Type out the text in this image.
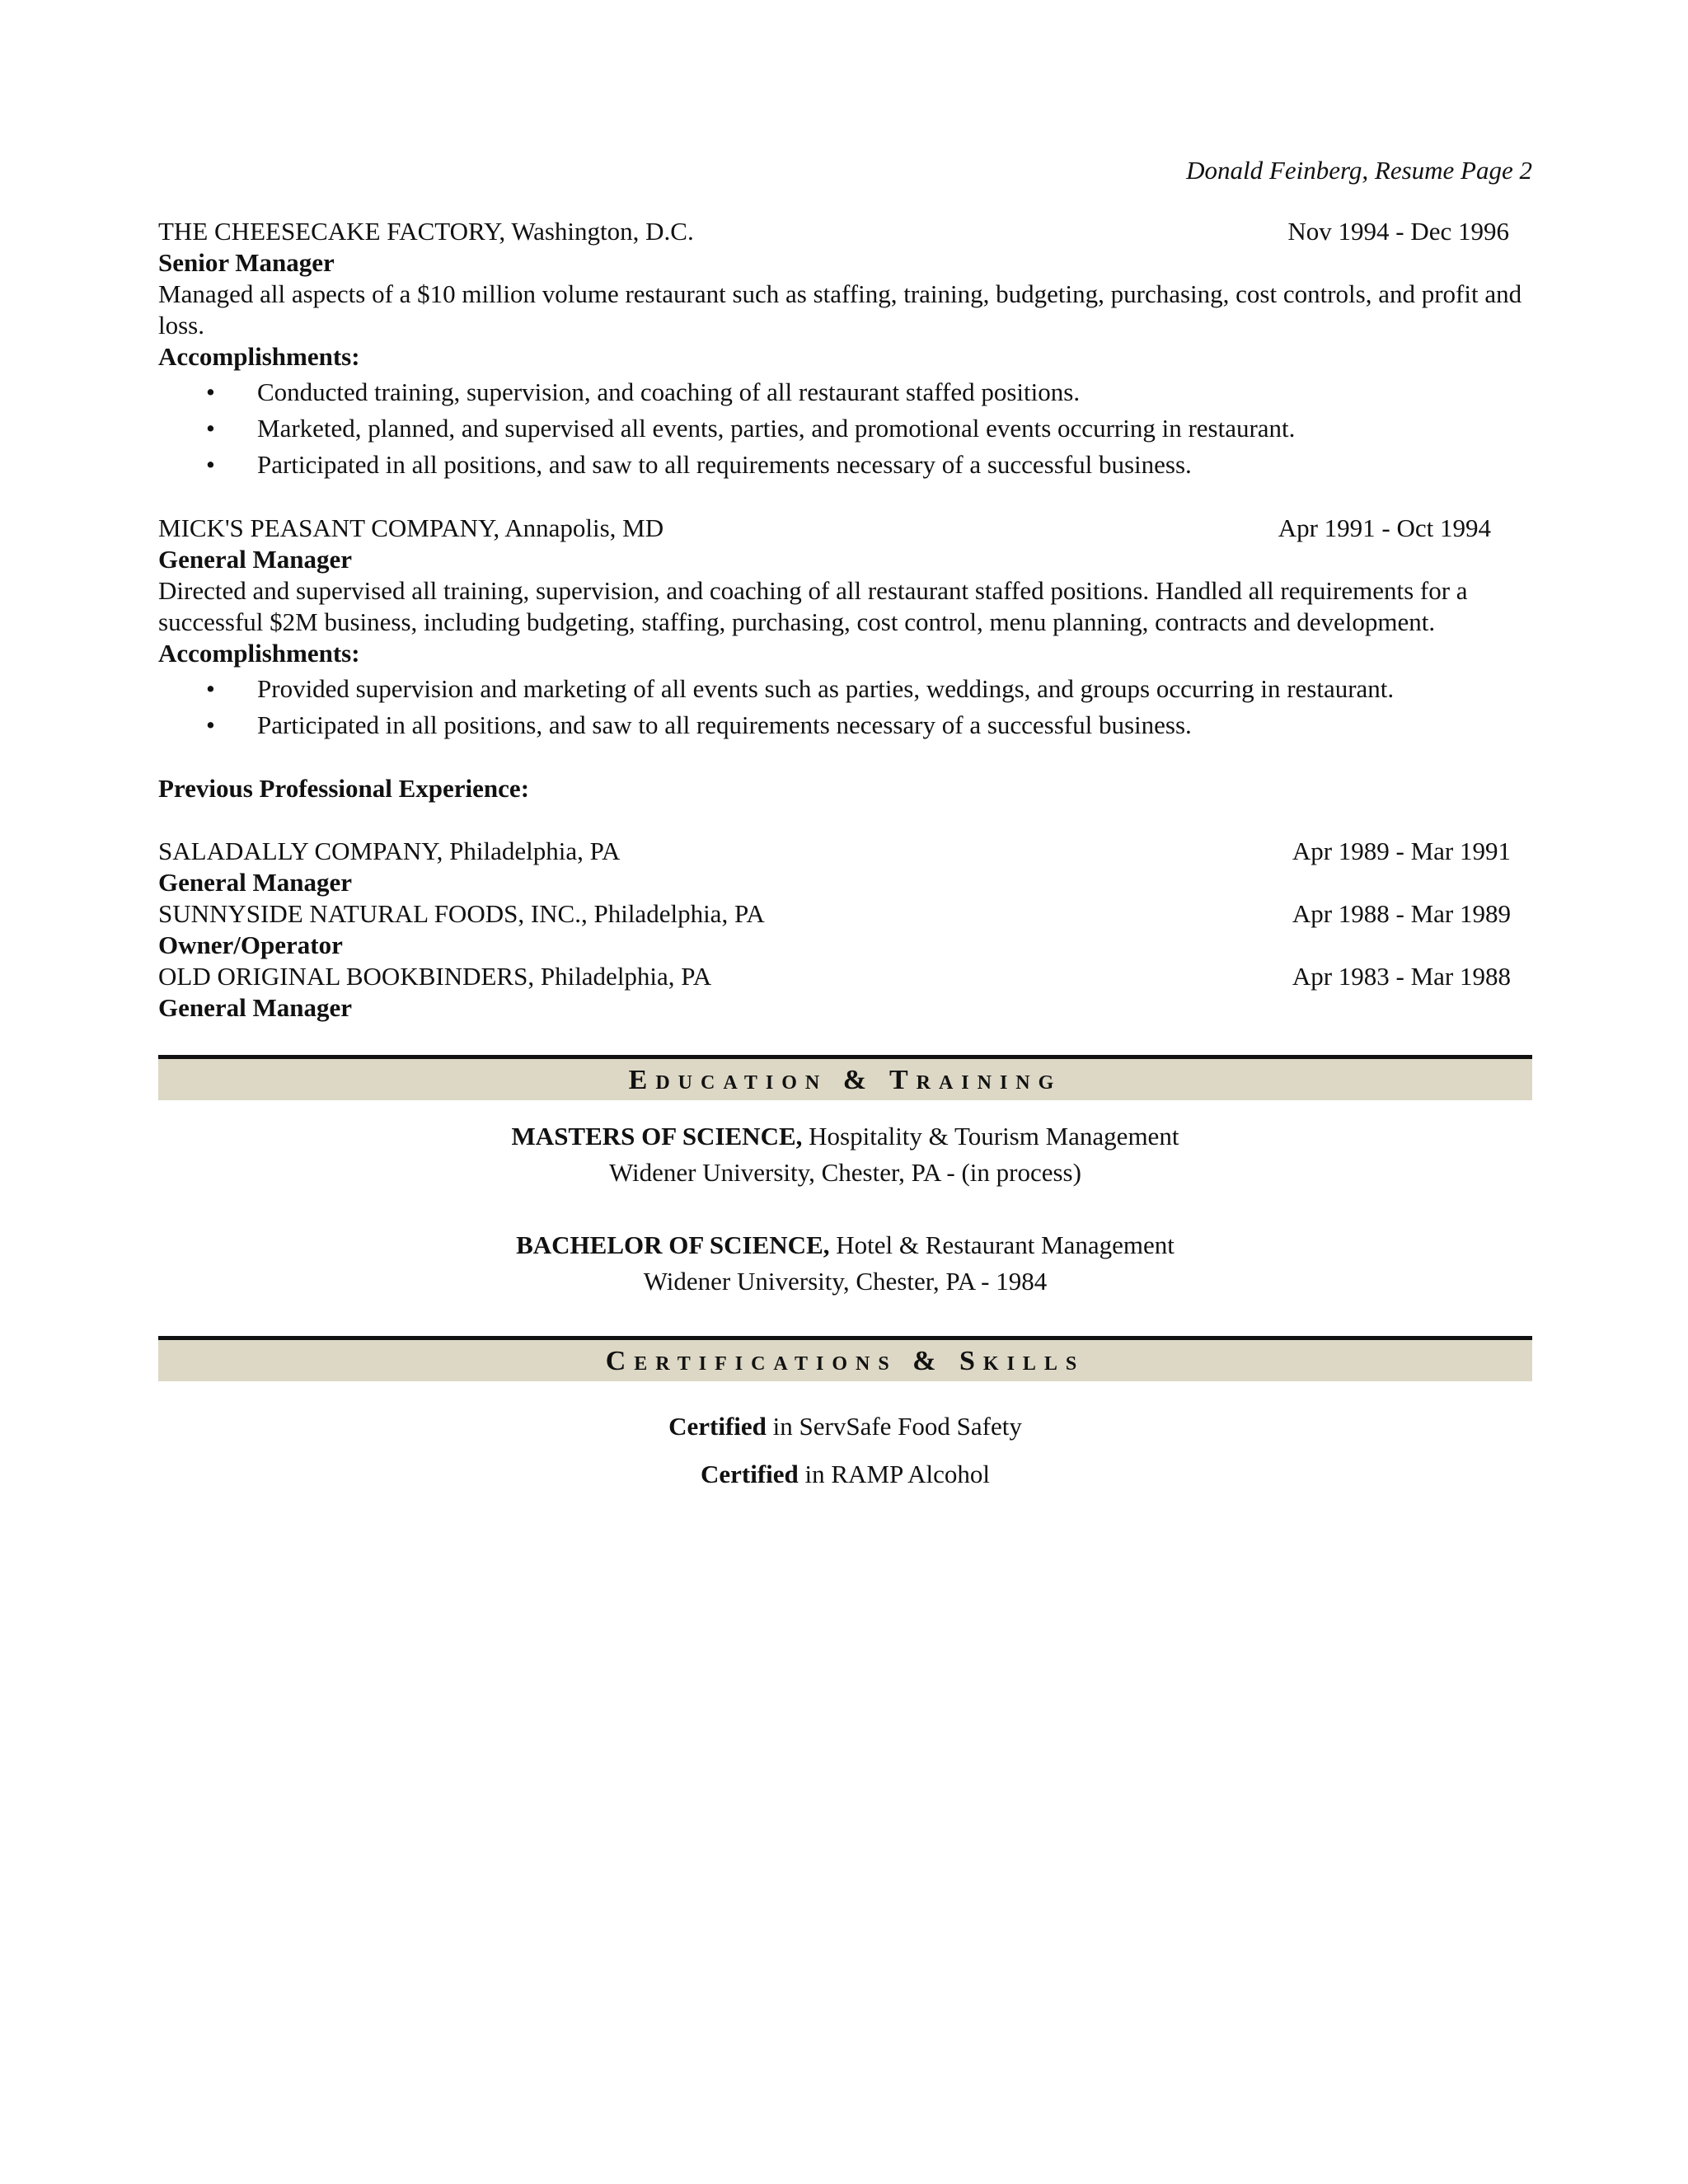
Donald Feinberg, Resume Page 2
THE CHEESECAKE FACTORY, Washington, D.C.	Nov 1994 - Dec 1996
Senior Manager

Managed all aspects of a $10 million volume restaurant such as staffing, training, budgeting, purchasing, cost controls, and profit and loss.

Accomplishments:
• Conducted training, supervision, and coaching of all restaurant staffed positions.
• Marketed, planned, and supervised all events, parties, and promotional events occurring in restaurant.
• Participated in all positions, and saw to all requirements necessary of a successful business.
MICK'S PEASANT COMPANY, Annapolis, MD	Apr 1991 - Oct 1994
General Manager

Directed and supervised all training, supervision, and coaching of all restaurant staffed positions. Handled all requirements for a successful $2M business, including budgeting, staffing, purchasing, cost control, menu planning, contracts and development.

Accomplishments:
• Provided supervision and marketing of all events such as parties, weddings, and groups occurring in restaurant.
• Participated in all positions, and saw to all requirements necessary of a successful business.
Previous Professional Experience:
SALADALLY COMPANY, Philadelphia, PA	Apr 1989 - Mar 1991
General Manager
SUNNYSIDE NATURAL FOODS, INC., Philadelphia, PA	Apr 1988 - Mar 1989
Owner/Operator
OLD ORIGINAL BOOKBINDERS, Philadelphia, PA	Apr 1983 - Mar 1988
General Manager
Education & Training
MASTERS OF SCIENCE, Hospitality & Tourism Management
Widener University, Chester, PA - (in process)
BACHELOR OF SCIENCE, Hotel & Restaurant Management
Widener University, Chester, PA - 1984
Certifications & Skills
Certified in ServSafe Food Safety
Certified in RAMP Alcohol
